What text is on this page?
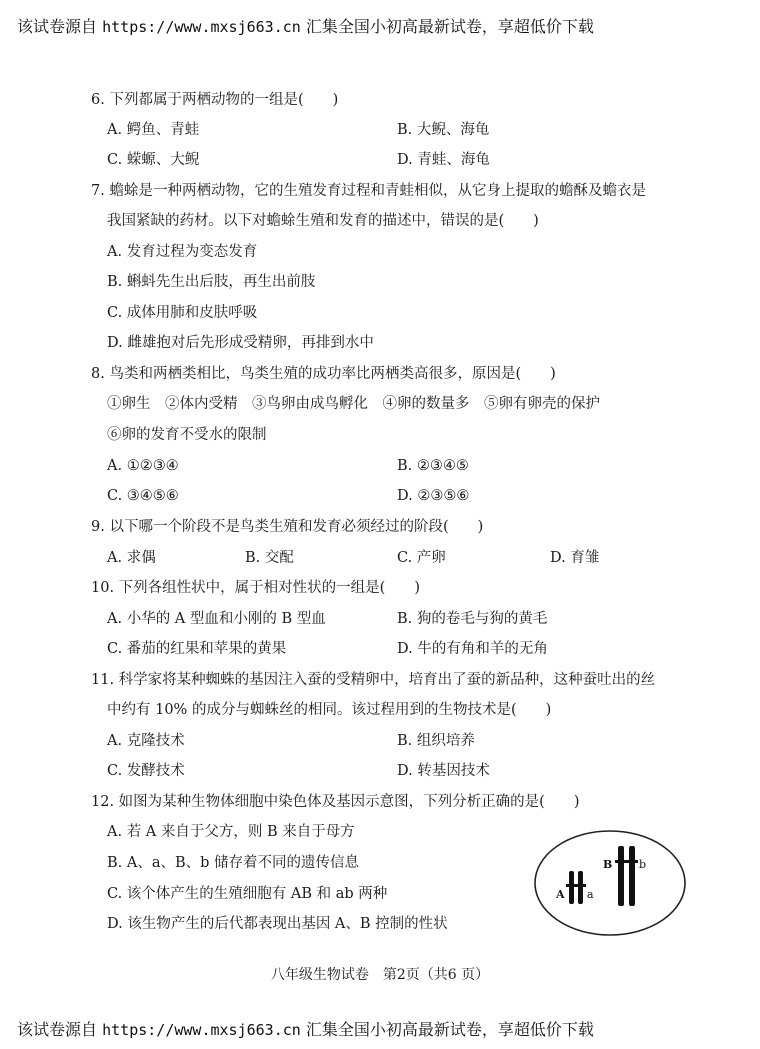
该试卷源自 https://www.mxsj663.cn 汇集全国小初高最新试卷，享超低价下载
6. 下列都属于两栖动物的一组是(　　)
A. 鳄鱼、青蛙	B. 大鲵、海龟
C. 蝾螈、大鲵	D. 青蛙、海龟
7. 蟾蜍是一种两栖动物，它的生殖发育过程和青蛙相似，从它身上提取的蟾酥及蟾衣是
我国紧缺的药材。以下对蟾蜍生殖和发育的描述中，错误的是(　　)
A. 发育过程为变态发育
B. 蝌蚪先生出后肢，再生出前肢
C. 成体用肺和皮肤呼吸
D. 雌雄抱对后先形成受精卵，再排到水中
8. 鸟类和两栖类相比，鸟类生殖的成功率比两栖类高很多，原因是(　　)
①卵生　②体内受精　③鸟卵由成鸟孵化　④卵的数量多　⑤卵有卵壳的保护
⑥卵的发育不受水的限制
A. ①②③④	B. ②③④⑤
C. ③④⑤⑥	D. ②③⑤⑥
9. 以下哪一个阶段不是鸟类生殖和发育必须经过的阶段(　　)
A. 求偶	B. 交配	C. 产卵	D. 育雏
10. 下列各组性状中，属于相对性状的一组是(　　)
A. 小华的 A 型血和小刚的 B 型血	B. 狗的卷毛与狗的黄毛
C. 番茄的红果和苹果的黄果	D. 牛的有角和羊的无角
11. 科学家将某种蜘蛛的基因注入蚕的受精卵中，培育出了蚕的新品种，这种蚕吐出的丝
中约有 10% 的成分与蜘蛛丝的相同。该过程用到的生物技术是(　　)
A. 克隆技术	B. 组织培养
C. 发酵技术	D. 转基因技术
12. 如图为某种生物体细胞中染色体及基因示意图，下列分析正确的是(　　)
A. 若 A 来自于父方，则 B 来自于母方
B. A、a、B、b 储存着不同的遗传信息
C. 该个体产生的生殖细胞有 AB 和 ab 两种
D. 该生物产生的后代都表现出基因 A、B 控制的性状
A a
B b
八年级生物试卷　第2页（共6 页）
该试卷源自 https://www.mxsj663.cn 汇集全国小初高最新试卷，享超低价下载
